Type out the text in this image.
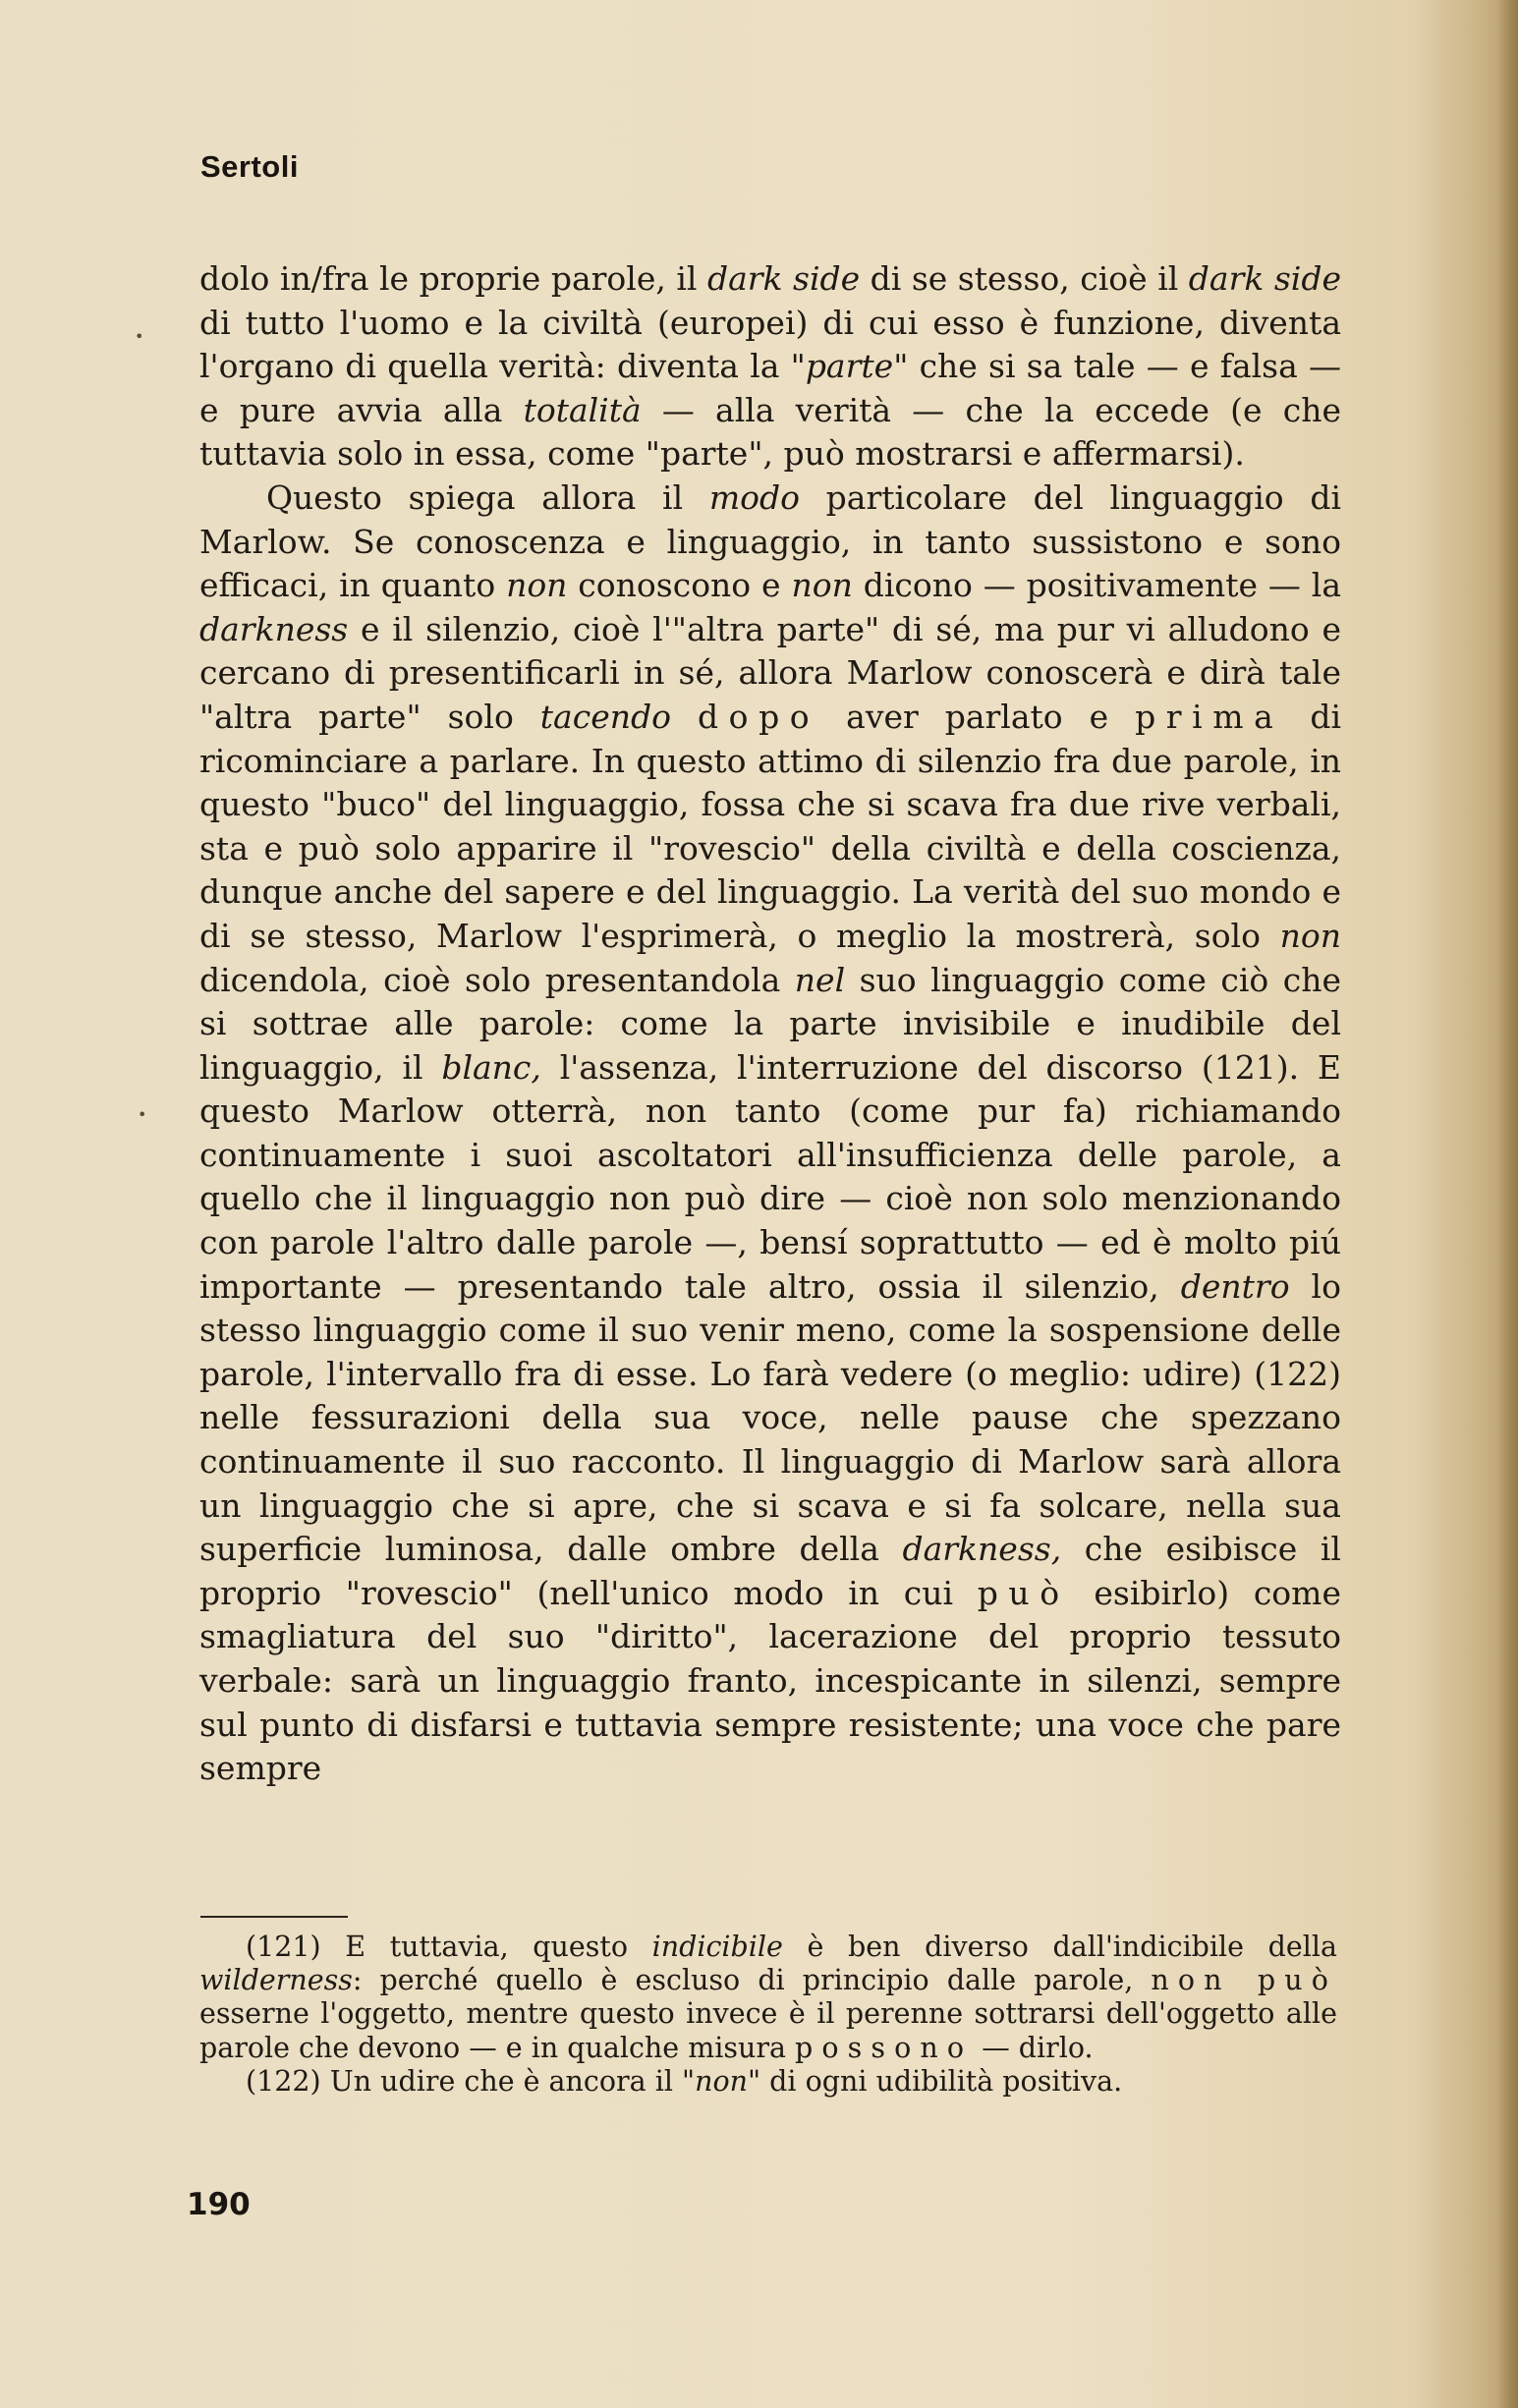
Sertoli
•
•

dolo in/fra le proprie parole, il dark side di se stesso, cioè il dark side di tutto l'uomo e la civiltà (europei) di cui esso è funzione, diventa l'organo di quella verità: diventa la "parte" che si sa tale — e falsa — e pure avvia alla totalità — alla verità — che la eccede (e che tuttavia solo in essa, come "parte", può mostrarsi e affermarsi).

Questo spiega allora il modo particolare del linguaggio di Marlow. Se conoscenza e linguaggio, in tanto sussistono e sono efficaci, in quanto non conoscono e non dicono — positivamente — la darkness e il silenzio, cioè l'"altra parte" di sé, ma pur vi alludono e cercano di presentificarli in sé, allora Marlow conoscerà e dirà tale "altra parte" solo tacendo dopo aver parlato e prima di ricominciare a parlare. In questo attimo di silenzio fra due parole, in questo "buco" del linguaggio, fossa che si scava fra due rive verbali, sta e può solo apparire il "rovescio" della civiltà e della coscienza, dunque anche del sapere e del linguaggio. La verità del suo mondo e di se stesso, Marlow l'esprimerà, o meglio la mostrerà, solo non dicendola, cioè solo presentandola nel suo linguaggio come ciò che si sottrae alle parole: come la parte invisibile e inudibile del linguaggio, il blanc, l'assenza, l'interruzione del discorso (121). E questo Marlow otterrà, non tanto (come pur fa) richiamando continuamente i suoi ascoltatori all'insufficienza delle parole, a quello che il linguaggio non può dire — cioè non solo menzionando con parole l'altro dalle parole —, bensí soprattutto — ed è molto piú importante — presentando tale altro, ossia il silenzio, dentro lo stesso linguaggio come il suo venir meno, come la sospensione delle parole, l'intervallo fra di esse. Lo farà vedere (o meglio: udire) (122) nelle fessurazioni della sua voce, nelle pause che spezzano continuamente il suo racconto. Il linguaggio di Marlow sarà allora un linguaggio che si apre, che si scava e si fa solcare, nella sua superficie luminosa, dalle ombre della darkness, che esibisce il proprio "rovescio" (nell'unico modo in cui può esibirlo) come smagliatura del suo "diritto", lacerazione del proprio tessuto verbale: sarà un linguaggio franto, incespicante in silenzi, sempre sul punto di disfarsi e tuttavia sempre resistente; una voce che pare sempre

(121) E tuttavia, questo indicibile è ben diverso dall'indicibile della wilderness: perché quello è escluso di principio dalle parole, non può esserne l'oggetto, mentre questo invece è il perenne sottrarsi dell'oggetto alle parole che devono — e in qualche misura possono — dirlo.

(122) Un udire che è ancora il "non" di ogni udibilità positiva.

190
